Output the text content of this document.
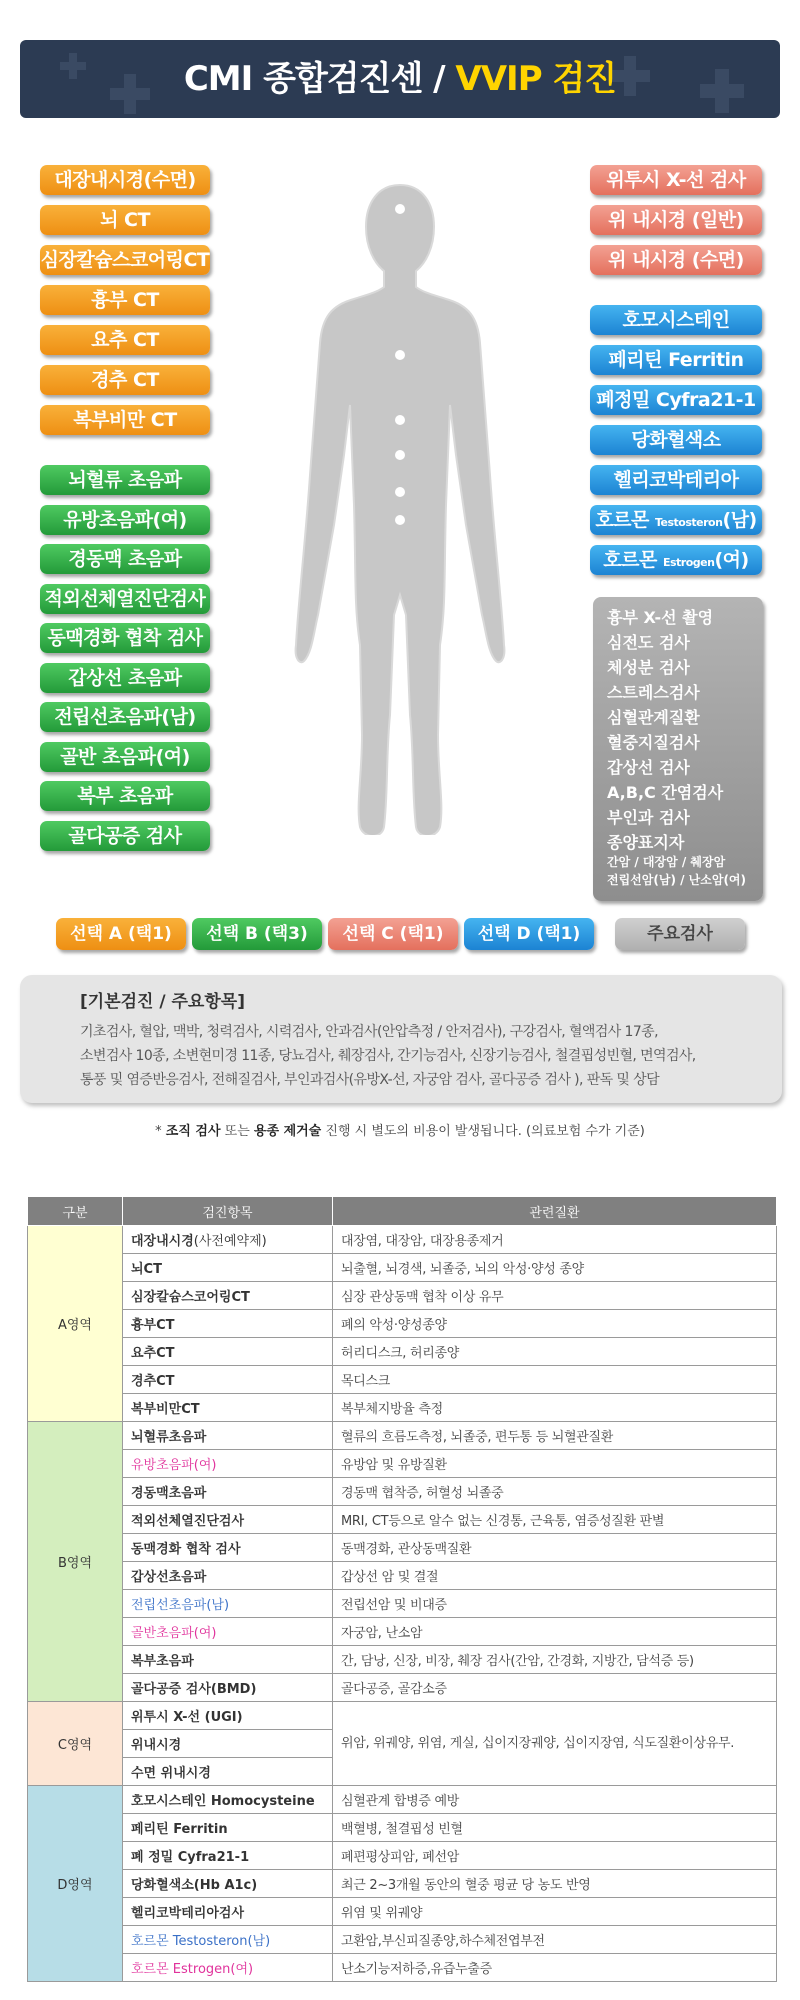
CMI 종합검진센 / VVIP 검진
대장내시경(수면)
뇌 CT
심장칼슘스코어링CT
흉부 CT
요추 CT
경추 CT
복부비만 CT
뇌혈류 초음파
유방초음파(여)
경동맥 초음파
적외선체열진단검사
동맥경화 협착 검사
갑상선 초음파
전립선초음파(남)
골반 초음파(여)
복부 초음파
골다공증 검사
위투시 X-선 검사
위 내시경 (일반)
위 내시경 (수면)
호모시스테인
페리틴 Ferritin
폐정밀 Cyfra21-1
당화혈색소
헬리코박테리아
호르몬 Testosteron(남)
호르몬 Estrogen(여)
흉부 X-선 촬영
심전도 검사
체성분 검사
스트레스검사
심혈관계질환
혈중지질검사
갑상선 검사
A,B,C 간염검사
부인과 검사
종양표지자
간암 / 대장암 / 췌장암
전립선암(남) / 난소암(여)
선택 A (택1)	선택 B (택3)	선택 C (택1)	선택 D (택1)	주요검사
[기본검진 / 주요항목]
기초검사, 혈압, 맥박, 청력검사, 시력검사, 안과검사(안압측정 / 안저검사), 구강검사, 혈액검사 17종,
소변검사 10종, 소변현미경 11종, 당뇨검사, 췌장검사, 간기능검사, 신장기능검사, 철결핍성빈혈, 면역검사,
통풍 및 염증반응검사, 전해질검사, 부인과검사(유방X-선, 자궁암 검사, 골다공증 검사 ), 판독 및 상담
* 조직 검사 또는 용종 제거술 진행 시 별도의 비용이 발생됩니다. (의료보험 수가 기준)
구분	검진항목	관련질환
A영역	대장내시경(사전예약제)	대장염, 대장암, 대장용종제거
	뇌CT	뇌출혈, 뇌경색, 뇌졸중, 뇌의 악성·양성 종양
	심장칼슘스코어링CT	심장 관상동맥 협착 이상 유무
	흉부CT	폐의 악성·양성종양
	요추CT	허리디스크, 허리종양
	경추CT	목디스크
	복부비만CT	복부체지방율 측정
B영역	뇌혈류초음파	혈류의 흐름도측정, 뇌졸중, 편두통 등 뇌혈관질환
	유방초음파(여)	유방암 및 유방질환
	경동맥초음파	경동맥 협착증, 허혈성 뇌졸중
	적외선체열진단검사	MRI, CT등으로 알수 없는 신경통, 근육통, 염증성질환 판별
	동맥경화 협착 검사	동맥경화, 관상동맥질환
	갑상선초음파	갑상선 암 및 결절
	전립선초음파(남)	전립선암 및 비대증
	골반초음파(여)	자궁암, 난소암
	복부초음파	간, 담낭, 신장, 비장, 췌장 검사(간암, 간경화, 지방간, 담석증 등)
	골다공증 검사(BMD)	골다공증, 골감소증
C영역	위투시 X-선 (UGI)	위암, 위궤양, 위염, 게실, 십이지장궤양, 십이지장염, 식도질환이상유무.
	위내시경	
	수면 위내시경	
D영역	호모시스테인 Homocysteine	심혈관계 합병증 예방
	페리틴 Ferritin	백혈병, 철결핍성 빈혈
	폐 정밀 Cyfra21-1	폐편평상피암, 폐선암
	당화혈색소(Hb A1c)	최근 2~3개월 동안의 혈중 평균 당 농도 반영
	헬리코박테리아검사	위염 및 위궤양
	호르몬 Testosteron(남)	고환암,부신피질종양,하수체전엽부전
	호르몬 Estrogen(여)	난소기능저하증,유즙누출증
